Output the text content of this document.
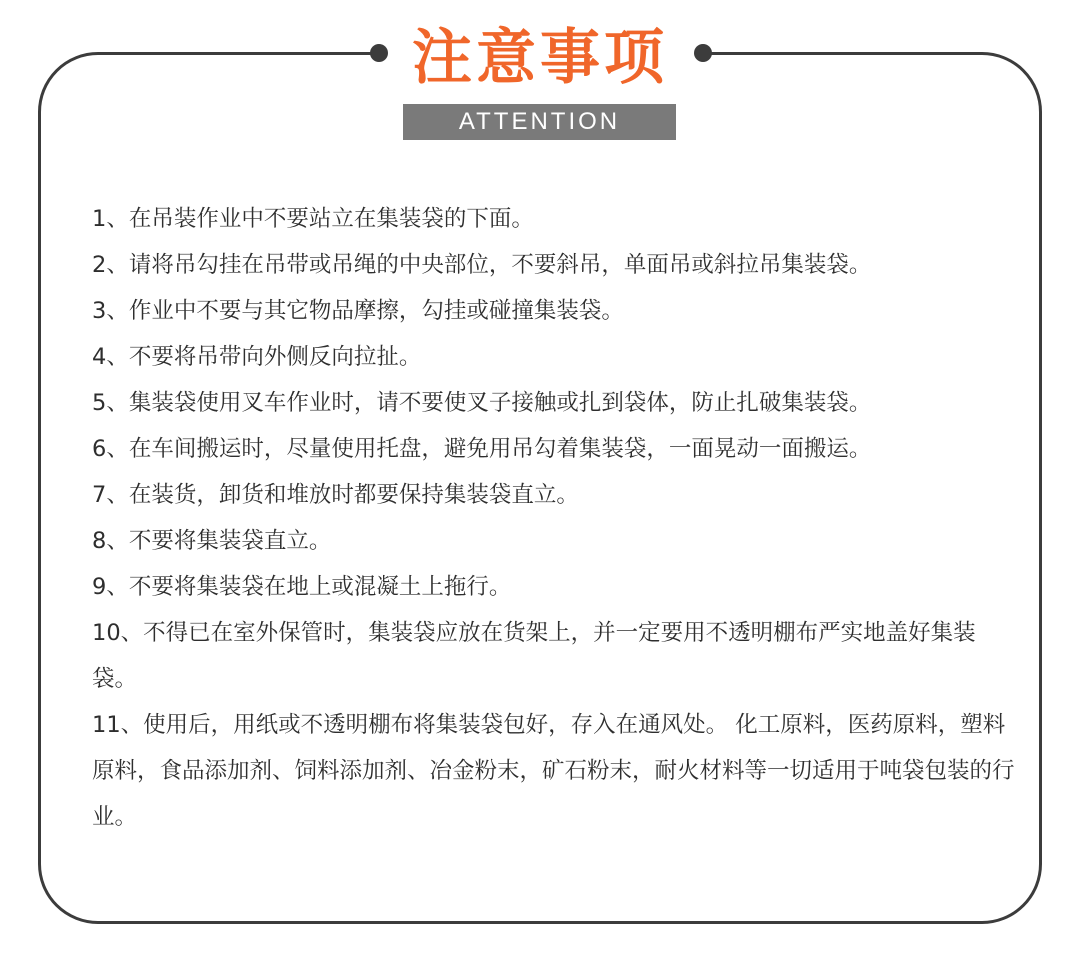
注意事项
ATTENTION
1、在吊装作业中不要站立在集装袋的下面。
2、请将吊勾挂在吊带或吊绳的中央部位，不要斜吊，单面吊或斜拉吊集装袋。
3、作业中不要与其它物品摩擦，勾挂或碰撞集装袋。
4、不要将吊带向外侧反向拉扯。
5、集装袋使用叉车作业时，请不要使叉子接触或扎到袋体，防止扎破集装袋。
6、在车间搬运时，尽量使用托盘，避免用吊勾着集装袋，一面晃动一面搬运。
7、在装货，卸货和堆放时都要保持集装袋直立。
8、不要将集装袋直立。
9、不要将集装袋在地上或混凝土上拖行。
10、不得已在室外保管时，集装袋应放在货架上，并一定要用不透明棚布严实地盖好集装袋。
11、使用后，用纸或不透明棚布将集装袋包好，存入在通风处。 化工原料，医药原料，塑料原料，食品添加剂、饲料添加剂、冶金粉末，矿石粉末，耐火材料等一切适用于吨袋包装的行业。
